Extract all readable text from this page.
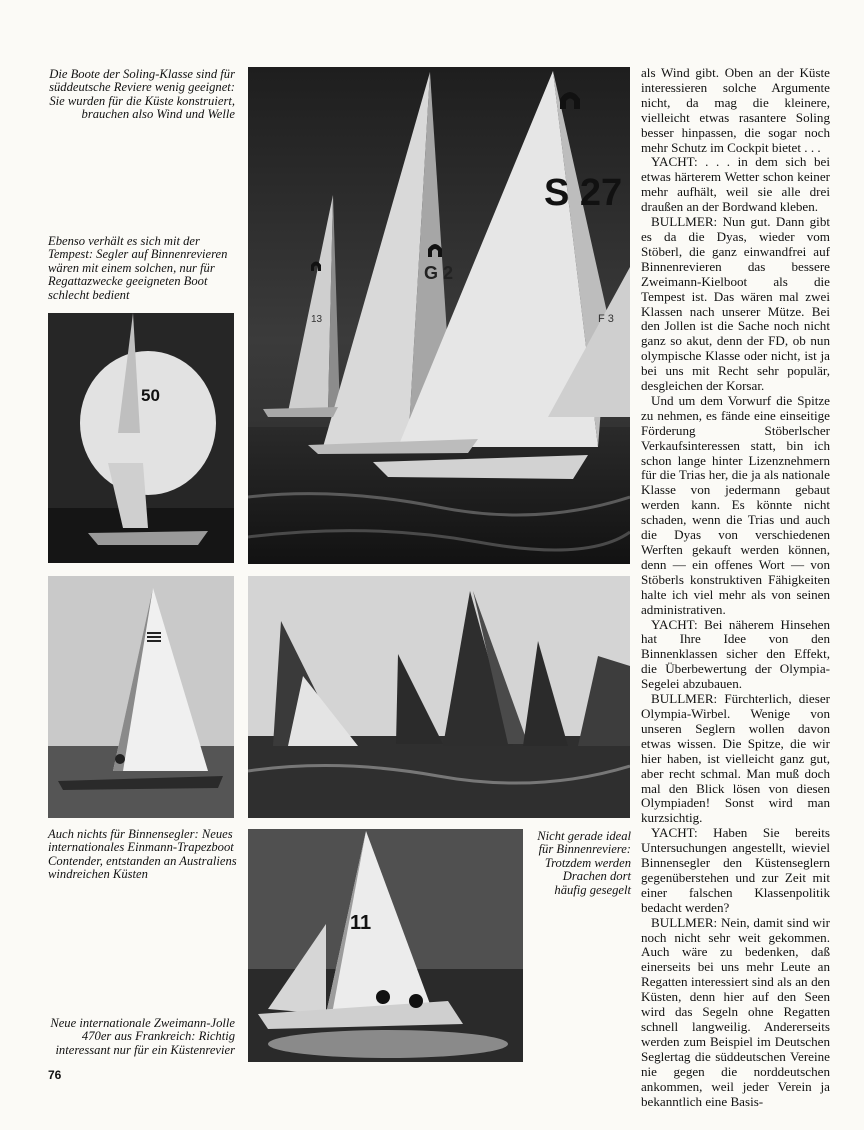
Die Boote der Soling-Klasse sind für süddeutsche Reviere wenig geeignet: Sie wurden für die Küste konstruiert, brauchen also Wind und Welle

Ebenso verhält es sich mit der Tempest: Segler auf Binnenrevieren wären mit einem solchen, nur für Regattazwecke geeigneten Boot schlecht bedient

Auch nichts für Binnensegler: Neues internationales Einmann-Trapezboot Contender, entstanden an Australiens windreichen Küsten

Nicht gerade ideal für Binnenreviere: Trotzdem werden Drachen dort häufig gesegelt

Neue internationale Zweimann-Jolle 470er aus Frankreich: Richtig interessant nur für ein Küstenrevier

S 27
G 2
13	F 3
50
11

als Wind gibt. Oben an der Küste interessieren solche Argumente nicht, da mag die kleinere, vielleicht etwas rasantere Soling besser hinpassen, die sogar noch mehr Schutz im Cockpit bietet . . .

YACHT: . . . in dem sich bei etwas härterem Wetter schon keiner mehr aufhält, weil sie alle drei draußen an der Bordwand kleben.

BULLMER: Nun gut. Dann gibt es da die Dyas, wieder vom Stöberl, die ganz einwandfrei auf Binnenrevieren das bessere Zweimann-Kielboot als die Tempest ist. Das wären mal zwei Klassen nach unserer Mütze. Bei den Jollen ist die Sache noch nicht ganz so akut, denn der FD, ob nun olympische Klasse oder nicht, ist ja bei uns mit Recht sehr populär, desgleichen der Korsar.

Und um dem Vorwurf die Spitze zu nehmen, es fände eine einseitige Förderung Stöberlscher Verkaufsinteressen statt, bin ich schon lange hinter Lizenznehmern für die Trias her, die ja als nationale Klasse von jedermann gebaut werden kann. Es könnte nicht schaden, wenn die Trias und auch die Dyas von verschiedenen Werften gekauft werden können, denn — ein offenes Wort — von Stöberls konstruktiven Fähigkeiten halte ich viel mehr als von seinen administrativen.

YACHT: Bei näherem Hinsehen hat Ihre Idee von den Binnenklassen sicher den Effekt, die Überbewertung der Olympia-Segelei abzubauen.

BULLMER: Fürchterlich, dieser Olympia-Wirbel. Wenige von unseren Seglern wollen davon etwas wissen. Die Spitze, die wir hier haben, ist vielleicht ganz gut, aber recht schmal. Man muß doch mal den Blick lösen von diesen Olympiaden! Sonst wird man kurzsichtig.

YACHT: Haben Sie bereits Untersuchungen angestellt, wieviel Binnensegler den Küstenseglern gegenüberstehen und zur Zeit mit einer falschen Klassenpolitik bedacht werden?

BULLMER: Nein, damit sind wir noch nicht sehr weit gekommen. Auch wäre zu bedenken, daß einerseits bei uns mehr Leute an Regatten interessiert sind als an den Küsten, denn hier auf den Seen wird das Segeln ohne Regatten schnell langweilig. Andererseits werden zum Beispiel im Deutschen Seglertag die süddeutschen Vereine nie gegen die norddeutschen ankommen, weil jeder Verein ja bekanntlich eine Basis-

76
